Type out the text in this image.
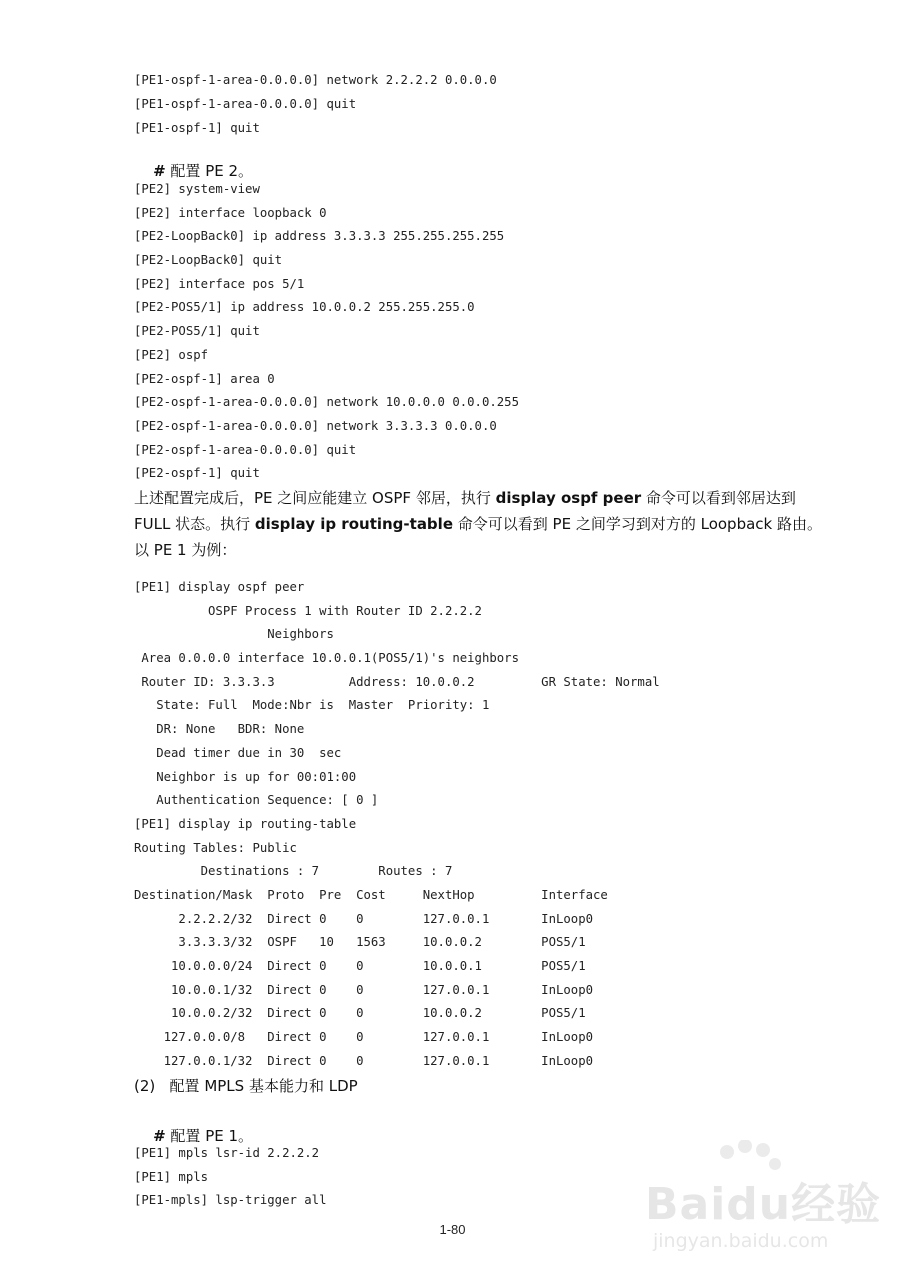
[PE1-ospf-1-area-0.0.0.0] network 2.2.2.2 0.0.0.0
[PE1-ospf-1-area-0.0.0.0] quit
[PE1-ospf-1] quit

# 配置 PE 2。

[PE2] system-view
[PE2] interface loopback 0
[PE2-LoopBack0] ip address 3.3.3.3 255.255.255.255
[PE2-LoopBack0] quit
[PE2] interface pos 5/1
[PE2-POS5/1] ip address 10.0.0.2 255.255.255.0
[PE2-POS5/1] quit
[PE2] ospf
[PE2-ospf-1] area 0
[PE2-ospf-1-area-0.0.0.0] network 10.0.0.0 0.0.0.255
[PE2-ospf-1-area-0.0.0.0] network 3.3.3.3 0.0.0.0
[PE2-ospf-1-area-0.0.0.0] quit
[PE2-ospf-1] quit
上述配置完成后，PE 之间应能建立 OSPF 邻居，执行 display ospf peer 命令可以看到邻居达到 FULL 状态。执行 display ip routing-table 命令可以看到 PE 之间学习到对方的 Loopback 路由。
以 PE 1 为例：
[PE1] display ospf peer
OSPF Process 1 with Router ID 2.2.2.2
Neighbors
Area 0.0.0.0 interface 10.0.0.1(POS5/1)'s neighbors
Router ID: 3.3.3.3          Address: 10.0.0.2         GR State: Normal
State: Full  Mode:Nbr is  Master  Priority: 1
DR: None   BDR: None
Dead timer due in 30  sec
Neighbor is up for 00:01:00
Authentication Sequence: [ 0 ]
[PE1] display ip routing-table
Routing Tables: Public
Destinations : 7        Routes : 7
Destination/Mask  Proto  Pre  Cost     NextHop         Interface
2.2.2.2/32  Direct 0    0        127.0.0.1       InLoop0
3.3.3.3/32  OSPF   10   1563     10.0.0.2        POS5/1
10.0.0.0/24  Direct 0    0        10.0.0.1        POS5/1
10.0.0.1/32  Direct 0    0        127.0.0.1       InLoop0
10.0.0.2/32  Direct 0    0        10.0.0.2        POS5/1
127.0.0.0/8   Direct 0    0        127.0.0.1       InLoop0
127.0.0.1/32  Direct 0    0        127.0.0.1       InLoop0
(2)   配置 MPLS 基本能力和 LDP

# 配置 PE 1。

[PE1] mpls lsr-id 2.2.2.2
[PE1] mpls
[PE1-mpls] lsp-trigger all
1-80	Baidu经验
jingyan.baidu.com
